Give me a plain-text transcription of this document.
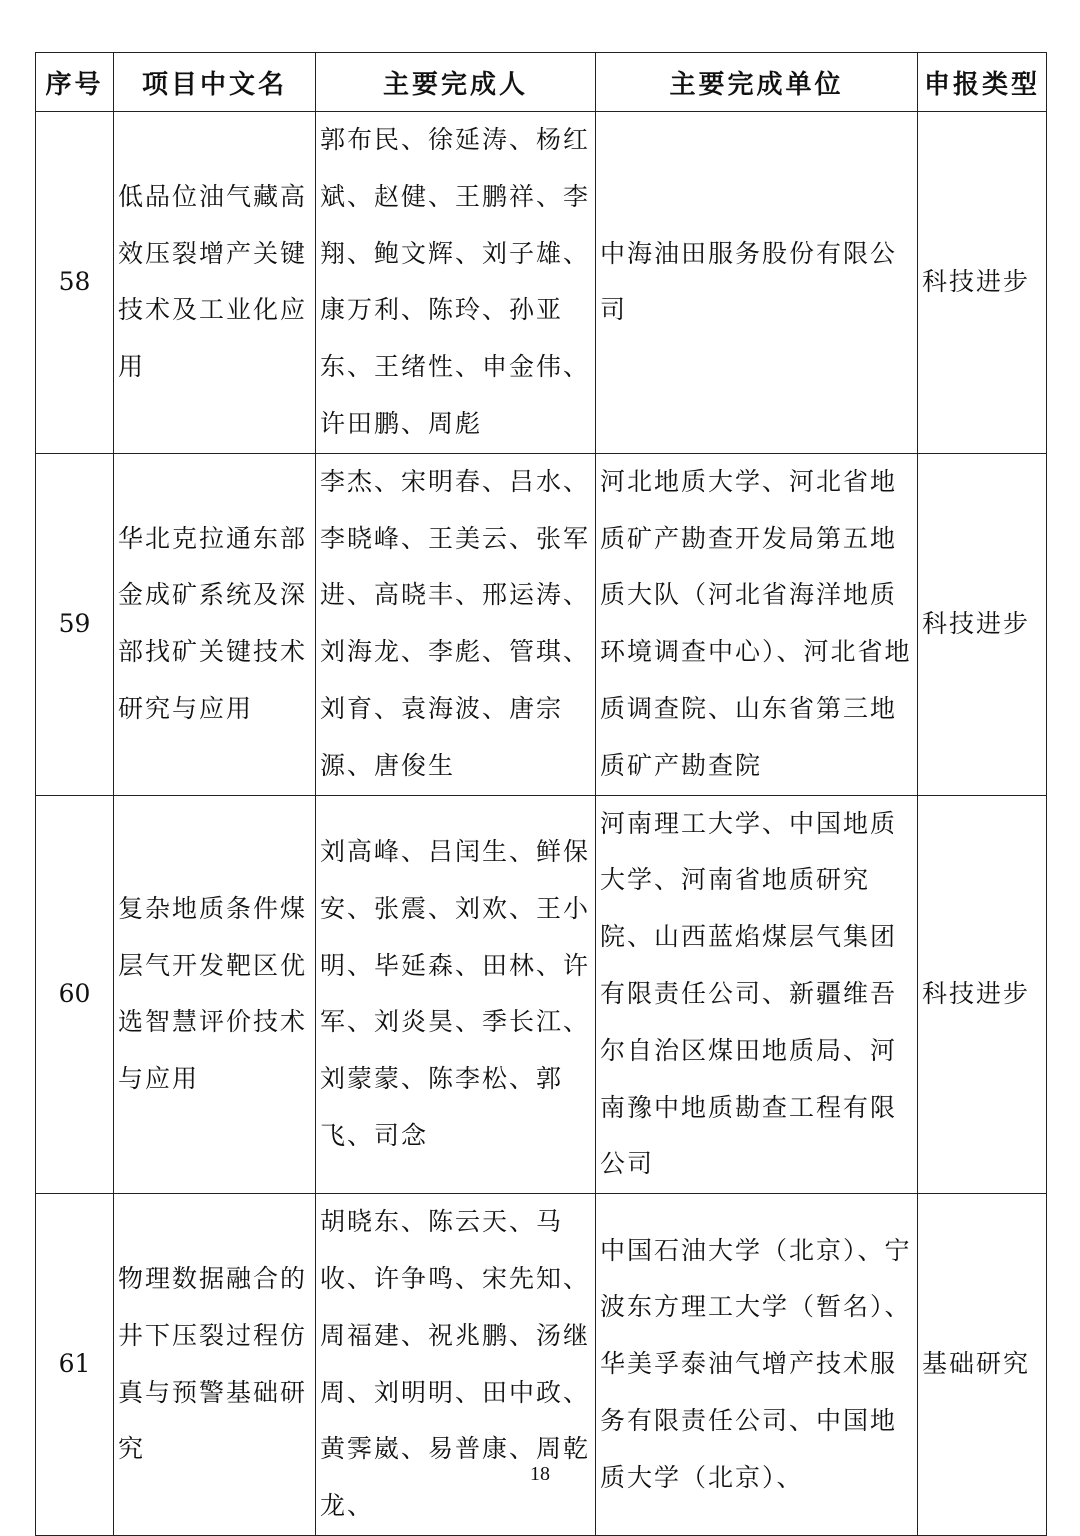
序号	项目中文名	主要完成人	主要完成单位	申报类型
58	低品位油气藏高效压裂增产关键技术及工业化应用	郭布民、徐延涛、杨红斌、赵健、王鹏祥、李翔、鲍文辉、刘子雄、康万利、陈玲、孙亚东、王绪性、申金伟、许田鹏、周彪	中海油田服务股份有限公司	科技进步
59	华北克拉通东部金成矿系统及深部找矿关键技术研究与应用	李杰、宋明春、吕水、李晓峰、王美云、张军进、高晓丰、邢运涛、刘海龙、李彪、管琪、刘育、袁海波、唐宗源、唐俊生	河北地质大学、河北省地质矿产勘查开发局第五地质大队（河北省海洋地质环境调查中心）、河北省地质调查院、山东省第三地质矿产勘查院	科技进步
60	复杂地质条件煤层气开发靶区优选智慧评价技术与应用	刘高峰、吕闰生、鲜保安、张震、刘欢、王小明、毕延森、田林、许军、刘炎昊、季长江、刘蒙蒙、陈李松、郭飞、司念	河南理工大学、中国地质大学、河南省地质研究院、山西蓝焰煤层气集团有限责任公司、新疆维吾尔自治区煤田地质局、河南豫中地质勘查工程有限公司	科技进步
61	物理数据融合的井下压裂过程仿真与预警基础研究	胡晓东、陈云天、马收、许争鸣、宋先知、周福建、祝兆鹏、汤继周、刘明明、田中政、黄霁崴、易普康、周乾龙、	中国石油大学（北京）、宁波东方理工大学（暂名）、华美孚泰油气增产技术服务有限责任公司、中国地质大学（北京）、	基础研究
18
